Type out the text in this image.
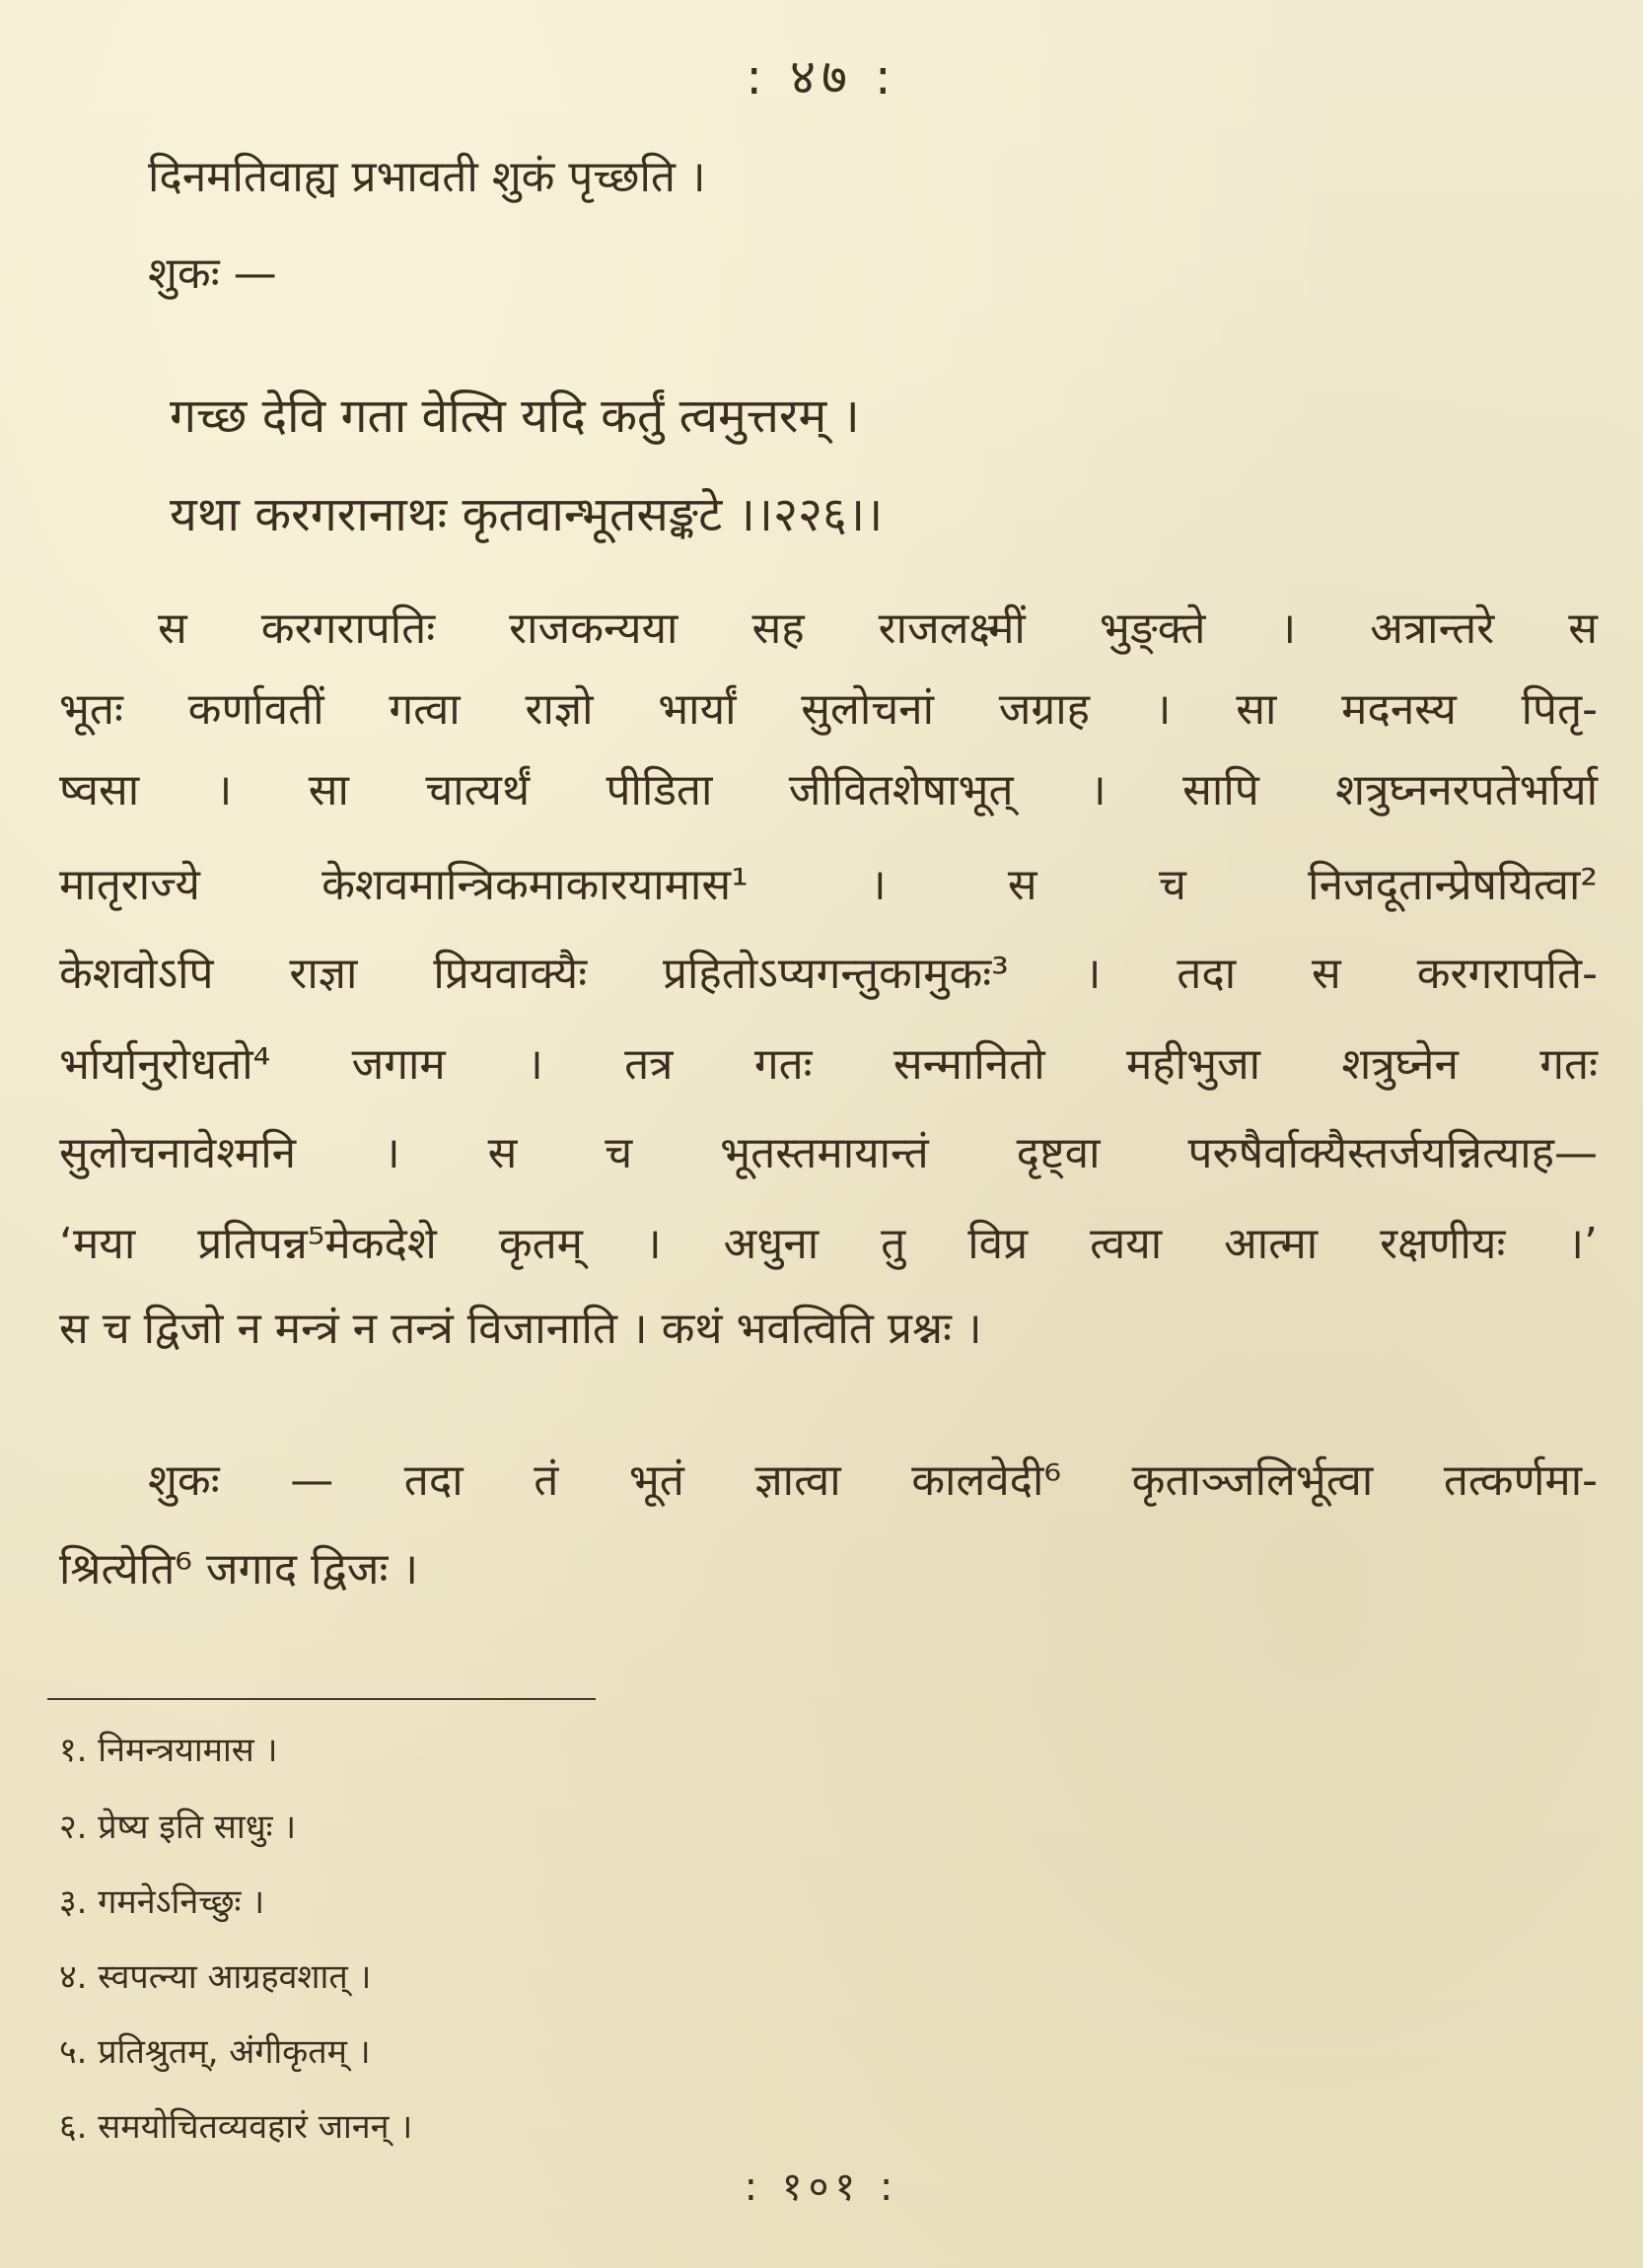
: ४७ :
दिनमतिवाह्य प्रभावती शुकं पृच्छति ।
शुकः —
गच्छ देवि गता वेत्सि यदि कर्तुं त्वमुत्तरम् ।
यथा करगरानाथः कृतवान्भूतसङ्कटे ।।२२६।।
स करगरापतिः राजकन्यया सह राजलक्ष्मीं भुङ्क्ते । अत्रान्तरे स
भूतः कर्णावतीं गत्वा राज्ञो भार्यां सुलोचनां जग्राह । सा मदनस्य पितृ-
ष्वसा । सा चात्यर्थं पीडिता जीवितशेषाभूत् । सापि शत्रुघ्ननरपतेर्भार्या
मातृराज्ये केशवमान्त्रिकमाकारयामास¹ । स च निजदूतान्प्रेषयित्वा²
केशवोऽपि राज्ञा प्रियवाक्यैः प्रहितोऽप्यगन्तुकामुकः³ । तदा स करगरापति-
र्भार्यानुरोधतो⁴ जगाम । तत्र गतः सन्मानितो महीभुजा शत्रुघ्नेन गतः
सुलोचनावेश्मनि । स च भूतस्तमायान्तं दृष्ट्वा परुषैर्वाक्यैस्तर्जयन्नित्याह—
‘मया प्रतिपन्न⁵मेकदेशे कृतम् । अधुना तु विप्र त्वया आत्मा रक्षणीयः ।’
स च द्विजो न मन्त्रं न तन्त्रं विजानाति । कथं भवत्विति प्रश्नः ।
शुकः — तदा तं भूतं ज्ञात्वा कालवेदी⁶ कृताञ्जलिर्भूत्वा तत्कर्णमा-
श्रित्येति⁶ जगाद द्विजः ।
१. निमन्त्रयामास ।
२. प्रेष्य इति साधुः ।
३. गमनेऽनिच्छुः ।
४. स्वपत्न्या आग्रहवशात् ।
५. प्रतिश्रुतम्, अंगीकृतम् ।
६. समयोचितव्यवहारं जानन् ।
: १०१ :
